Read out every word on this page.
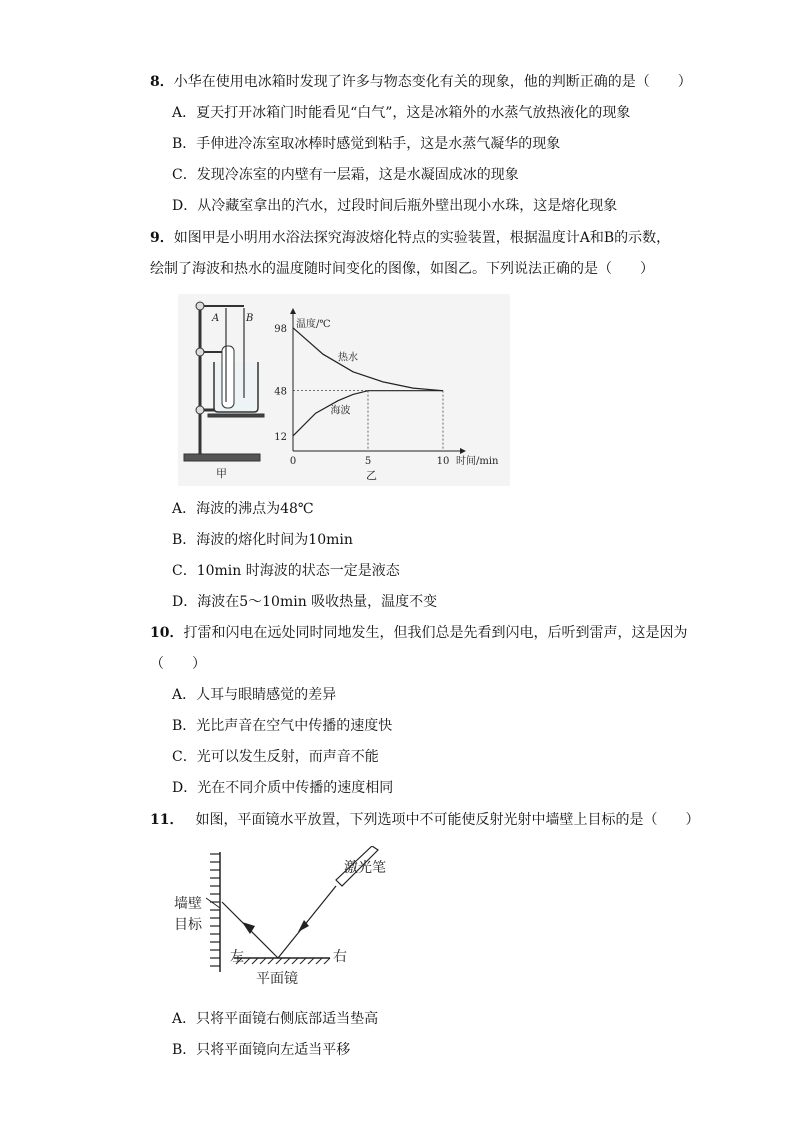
8．小华在使用电冰箱时发现了许多与物态变化有关的现象，他的判断正确的是（　　）
A．夏天打开冰箱门时能看见“白气”，这是冰箱外的水蒸气放热液化的现象
B．手伸进冷冻室取冰棒时感觉到粘手，这是水蒸气凝华的现象
C．发现冷冻室的内壁有一层霜，这是水凝固成冰的现象
D．从冷藏室拿出的汽水，过段时间后瓶外壁出现小水珠，这是熔化现象
9．如图甲是小明用水浴法探究海波熔化特点的实验装置，根据温度计A和B的示数，
绘制了海波和热水的温度随时间变化的图像，如图乙。下列说法正确的是（　　）
A	B
甲
温度/℃
时间/min
乙
12
48
98
0	5	10
热水
海波
A．海波的沸点为48℃
B．海波的熔化时间为10min
C．10min 时海波的状态一定是液态
D．海波在5～10min 吸收热量，温度不变
10．打雷和闪电在远处同时同地发生，但我们总是先看到闪电，后听到雷声，这是因为
（　　）
A．人耳与眼睛感觉的差异
B．光比声音在空气中传播的速度快
C．光可以发生反射，而声音不能
D．光在不同介质中传播的速度相同
11． 如图，平面镜水平放置，下列选项中不可能使反射光射中墙壁上目标的是（　　）
激光笔
墙壁
目标
左	右
平面镜
A．只将平面镜右侧底部适当垫高
B．只将平面镜向左适当平移
